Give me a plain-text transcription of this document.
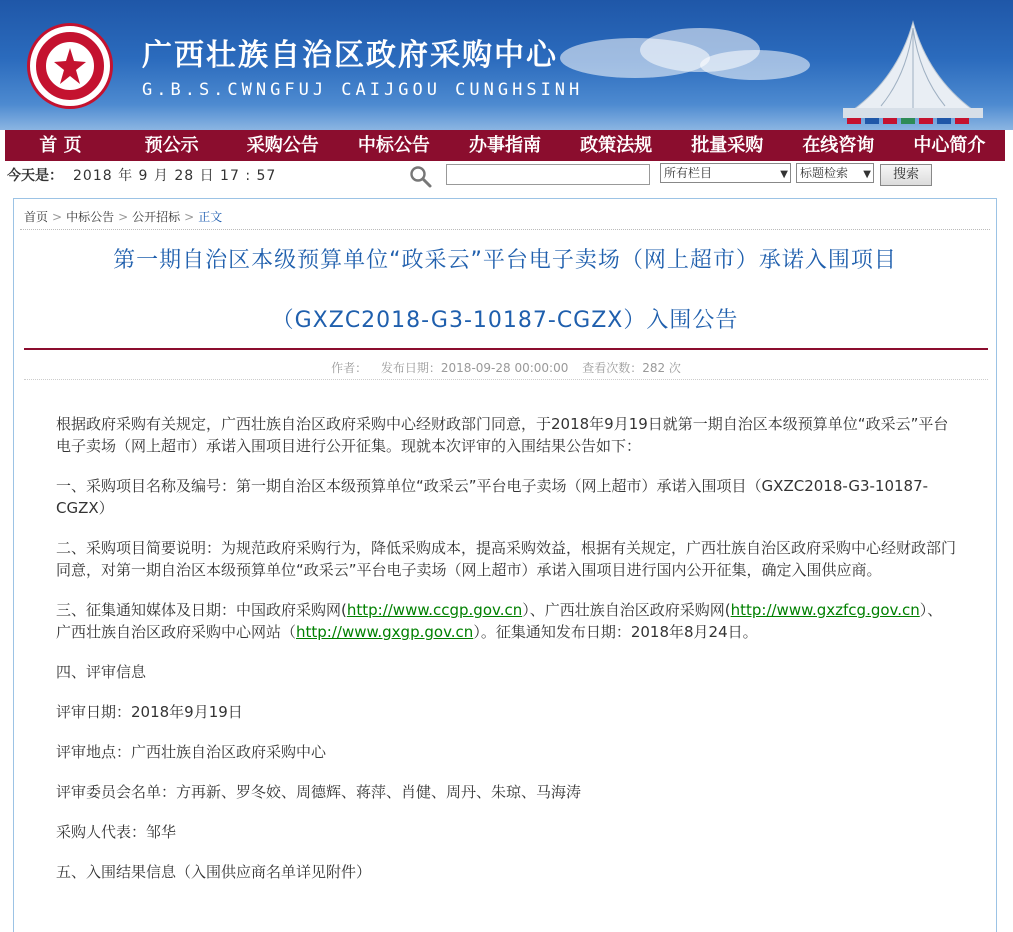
广西壮族自治区政府采购中心
G.B.S.CWNGFUJ CAIJGOU CUNGHSINH
首 页	预公示	采购公告	中标公告	办事指南	政策法规	批量采购	在线咨询	中心简介
今天是： 2018 年 9 月 28 日 17 : 57	所有栏目	▼	标题检索 ▼	搜索
首页 > 中标公告 > 公开招标 > 正文
第一期自治区本级预算单位“政采云”平台电子卖场（网上超市）承诺入围项目
（GXZC2018-G3-10187-CGZX）入围公告
作者： 发布日期：2018-09-28 00:00:00 查看次数：282 次

根据政府采购有关规定，广西壮族自治区政府采购中心经财政部门同意，于2018年9月19日就第一期自治区本级预算单位“政采云”平台电子卖场（网上超市）承诺入围项目进行公开征集。现就本次评审的入围结果公告如下：

一、采购项目名称及编号：第一期自治区本级预算单位“政采云”平台电子卖场（网上超市）承诺入围项目（GXZC2018-G3-10187-CGZX）

二、采购项目简要说明：为规范政府采购行为，降低采购成本，提高采购效益，根据有关规定，广西壮族自治区政府采购中心经财政部门同意，对第一期自治区本级预算单位“政采云”平台电子卖场（网上超市）承诺入围项目进行国内公开征集，确定入围供应商。

三、征集通知媒体及日期：中国政府采购网(http://www.ccgp.gov.cn）、广西壮族自治区政府采购网(http://www.gxzfcg.gov.cn）、广西壮族自治区政府采购中心网站（http://www.gxgp.gov.cn）。征集通知发布日期：2018年8月24日。

四、评审信息

评审日期：2018年9月19日

评审地点：广西壮族自治区政府采购中心

评审委员会名单：方再新、罗冬姣、周德辉、蒋萍、肖健、周丹、朱琼、马海涛

采购人代表：邹华

五、入围结果信息（入围供应商名单详见附件）
